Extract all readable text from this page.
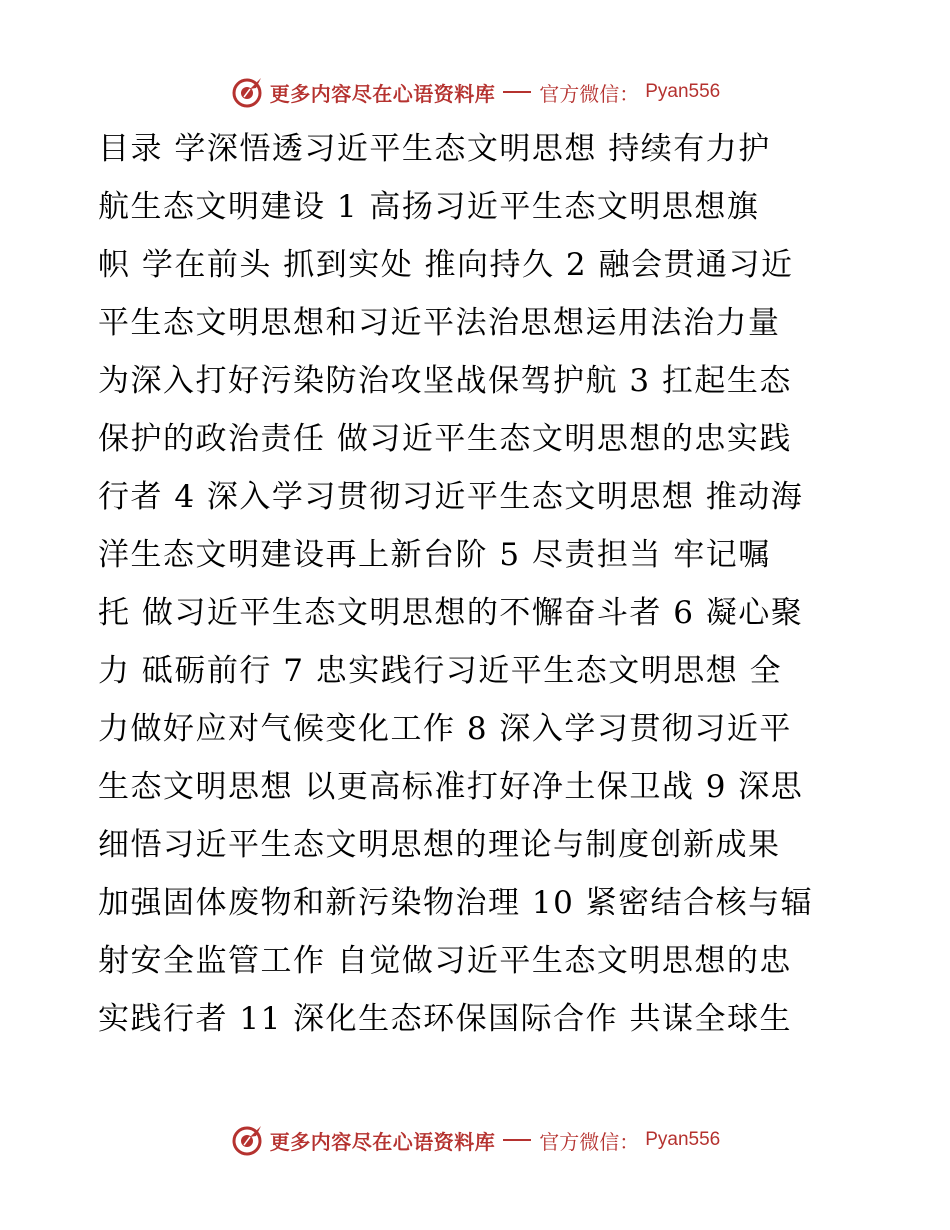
更多内容尽在心语资料库 官方微信： Pyan556
目录 学深悟透习近平生态文明思想 持续有力护
航生态文明建设 1 高扬习近平生态文明思想旗
帜 学在前头 抓到实处 推向持久 2 融会贯通习近
平生态文明思想和习近平法治思想运用法治力量
为深入打好污染防治攻坚战保驾护航 3 扛起生态
保护的政治责任 做习近平生态文明思想的忠实践
行者 4 深入学习贯彻习近平生态文明思想 推动海
洋生态文明建设再上新台阶 5 尽责担当 牢记嘱
托 做习近平生态文明思想的不懈奋斗者 6 凝心聚
力 砥砺前行 7 忠实践行习近平生态文明思想 全
力做好应对气候变化工作 8 深入学习贯彻习近平
生态文明思想 以更高标准打好净土保卫战 9 深思
细悟习近平生态文明思想的理论与制度创新成果
加强固体废物和新污染物治理 10 紧密结合核与辐
射安全监管工作 自觉做习近平生态文明思想的忠
实践行者 11 深化生态环保国际合作 共谋全球生
更多内容尽在心语资料库 官方微信： Pyan556
